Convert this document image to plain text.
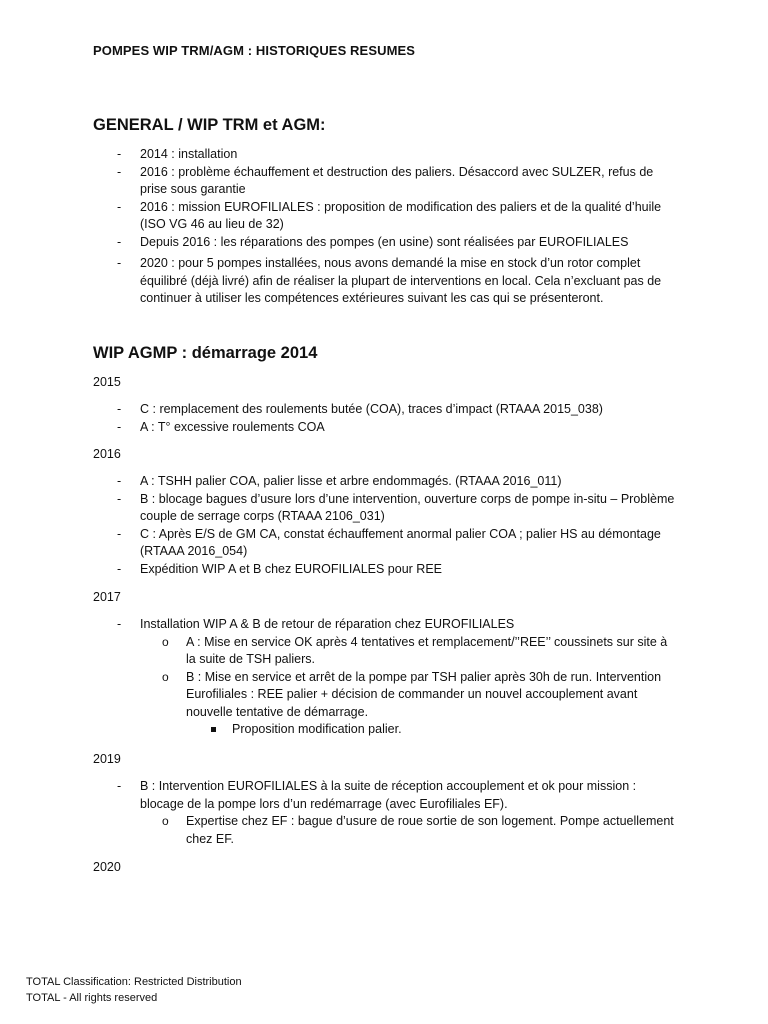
POMPES WIP TRM/AGM : HISTORIQUES RESUMES
GENERAL / WIP TRM et AGM:
- 2014 : installation
- 2016 : problème échauffement et destruction des paliers. Désaccord avec SULZER, refus de prise sous garantie
- 2016 : mission EUROFILIALES : proposition de modification des paliers et de la qualité d’huile (ISO VG 46 au lieu de 32)
- Depuis 2016 : les réparations des pompes (en usine) sont réalisées par EUROFILIALES
- 2020 : pour 5 pompes installées, nous avons demandé la mise en stock d’un rotor complet équilibré (déjà livré) afin de réaliser la plupart de interventions en local. Cela n’excluant pas de continuer à utiliser les compétences extérieures suivant les cas qui se présenteront.
WIP AGMP : démarrage 2014
2015
- C : remplacement des roulements butée (COA), traces d’impact (RTAAA 2015_038)
- A : T° excessive roulements COA
2016
- A : TSHH palier COA, palier lisse et arbre endommagés. (RTAAA 2016_011)
- B : blocage bagues d’usure lors d’une intervention, ouverture corps de pompe in-situ – Problème couple de serrage corps (RTAAA 2106_031)
- C : Après E/S de GM CA, constat échauffement anormal palier COA ; palier HS au démontage (RTAAA 2016_054)
- Expédition WIP A et B chez EUROFILIALES pour REE
2017
- Installation WIP A & B de retour de réparation chez EUROFILIALES
o A : Mise en service OK après 4 tentatives et remplacement/’’REE’’ coussinets sur site à la suite de TSH paliers.
o B : Mise en service et arrêt de la pompe par TSH palier après 30h de run. Intervention Eurofiliales : REE palier + décision de commander un nouvel accouplement avant nouvelle tentative de démarrage.
Proposition modification palier.
2019
- B : Intervention EUROFILIALES à la suite de réception accouplement et ok pour mission : blocage de la pompe lors d’un redémarrage (avec Eurofiliales EF).
o Expertise chez EF : bague d’usure de roue sortie de son logement. Pompe actuellement chez EF.
2020
TOTAL Classification: Restricted Distribution
TOTAL - All rights reserved
